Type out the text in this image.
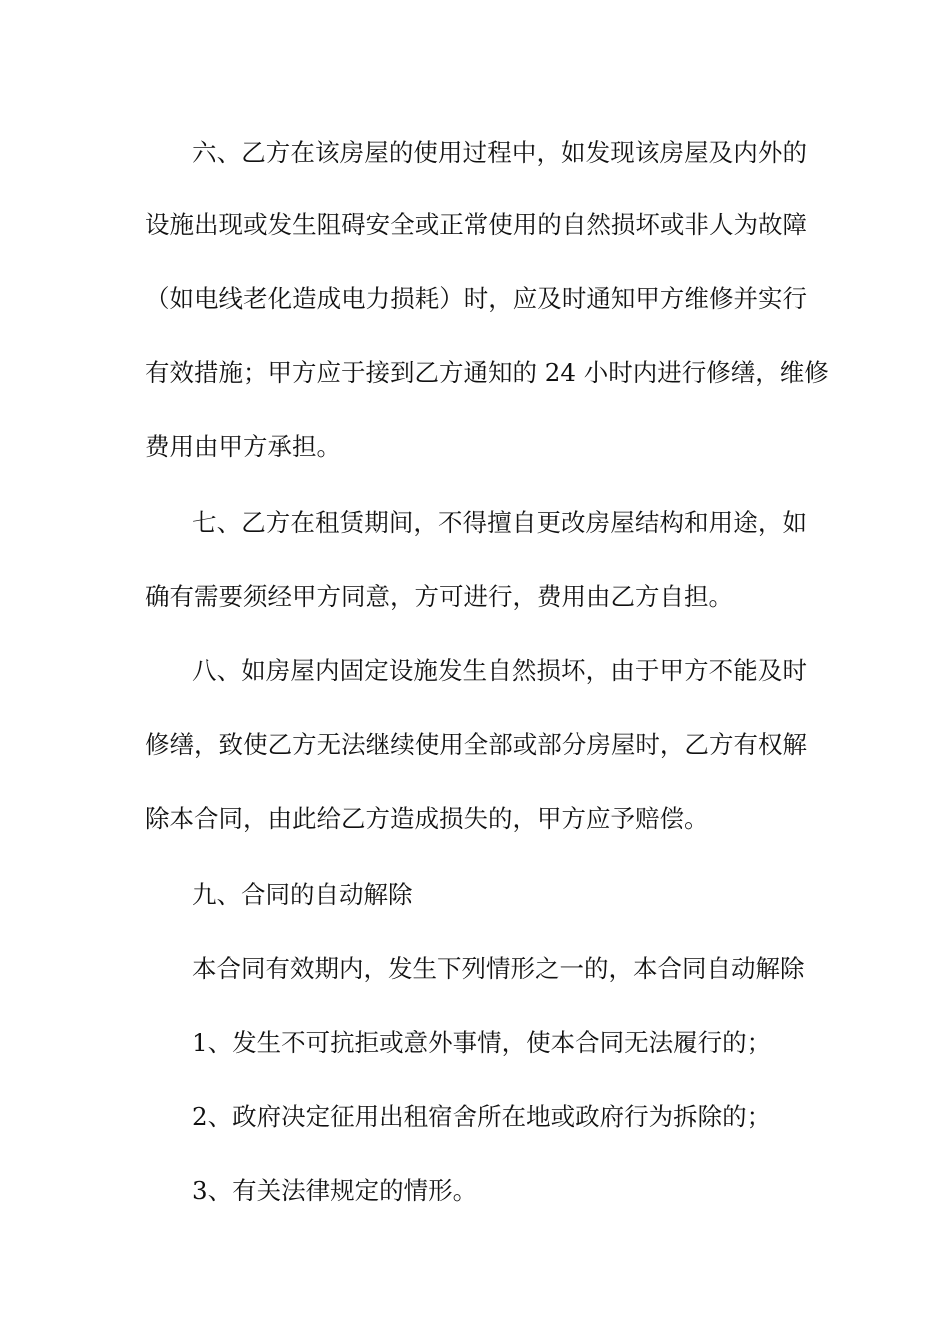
六、乙方在该房屋的使用过程中，如发现该房屋及内外的
设施出现或发生阻碍安全或正常使用的自然损坏或非人为故障
（如电线老化造成电力损耗）时，应及时通知甲方维修并实行
有效措施；甲方应于接到乙方通知的 24 小时内进行修缮，维修
费用由甲方承担。
七、乙方在租赁期间，不得擅自更改房屋结构和用途，如
确有需要须经甲方同意，方可进行，费用由乙方自担。
八、如房屋内固定设施发生自然损坏，由于甲方不能及时
修缮，致使乙方无法继续使用全部或部分房屋时，乙方有权解
除本合同，由此给乙方造成损失的，甲方应予赔偿。
九、合同的自动解除
本合同有效期内，发生下列情形之一的，本合同自动解除
1、发生不可抗拒或意外事情，使本合同无法履行的；
2、政府决定征用出租宿舍所在地或政府行为拆除的；
3、有关法律规定的情形。
